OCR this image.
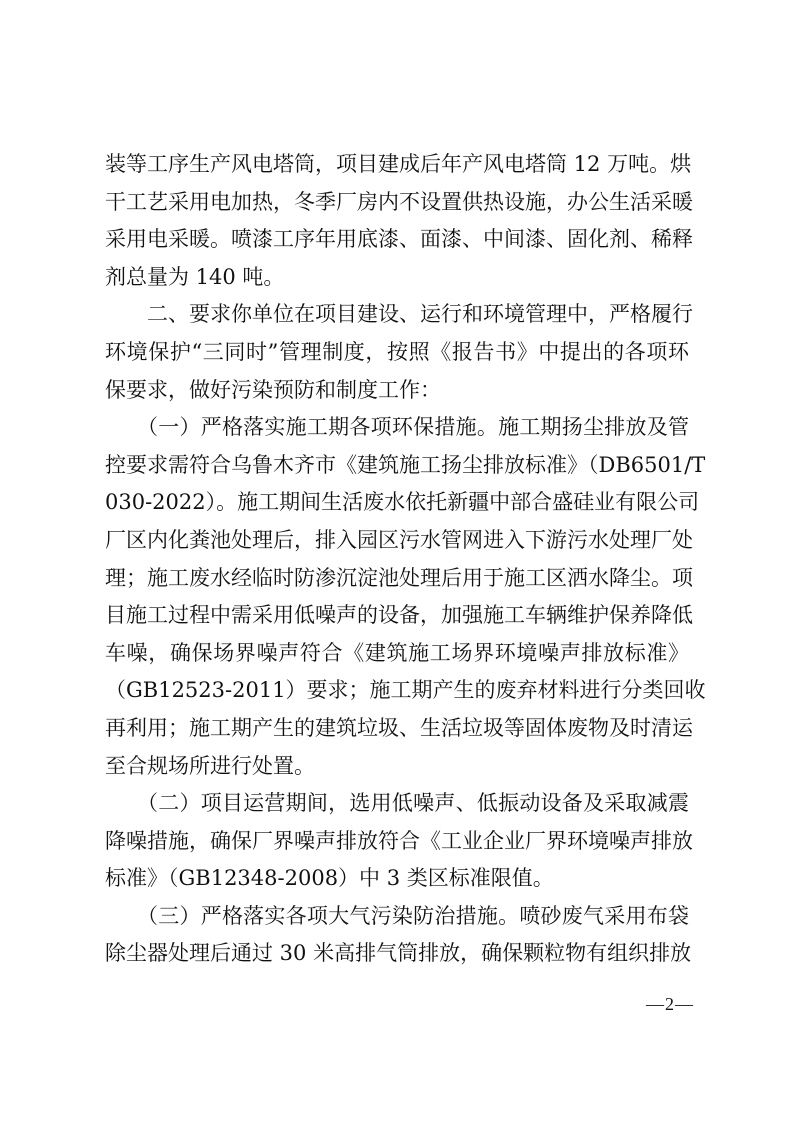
装等工序生产风电塔筒，项目建成后年产风电塔筒 12 万吨。烘
干工艺采用电加热，冬季厂房内不设置供热设施，办公生活采暖
采用电采暖。喷漆工序年用底漆、面漆、中间漆、固化剂、稀释
剂总量为 140 吨。
　　二、要求你单位在项目建设、运行和环境管理中，严格履行
环境保护“三同时”管理制度，按照《报告书》中提出的各项环
保要求，做好污染预防和制度工作：
　　（一）严格落实施工期各项环保措施。施工期扬尘排放及管
控要求需符合乌鲁木齐市《建筑施工扬尘排放标准》（DB6501/T
030-2022）。施工期间生活废水依托新疆中部合盛硅业有限公司
厂区内化粪池处理后，排入园区污水管网进入下游污水处理厂处
理；施工废水经临时防渗沉淀池处理后用于施工区洒水降尘。项
目施工过程中需采用低噪声的设备，加强施工车辆维护保养降低
车噪，确保场界噪声符合《建筑施工场界环境噪声排放标准》
（GB12523-2011）要求；施工期产生的废弃材料进行分类回收
再利用；施工期产生的建筑垃圾、生活垃圾等固体废物及时清运
至合规场所进行处置。
　　（二）项目运营期间，选用低噪声、低振动设备及采取减震
降噪措施，确保厂界噪声排放符合《工业企业厂界环境噪声排放
标准》（GB12348-2008）中 3 类区标准限值。
　　（三）严格落实各项大气污染防治措施。喷砂废气采用布袋
除尘器处理后通过 30 米高排气筒排放，确保颗粒物有组织排放
—2—
